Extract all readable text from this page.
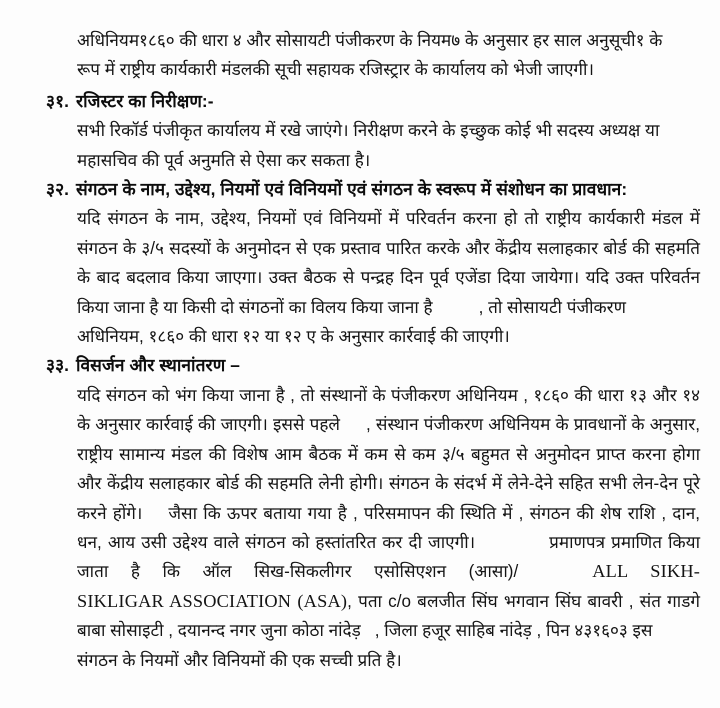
अधिनियम१८६० की धारा ४ और सोसायटी पंजीकरण के नियम७ के अनुसार हर साल अनुसूची१ के
रूप में राष्ट्रीय कार्यकारी मंडलकी सूची सहायक रजिस्ट्रार के कार्यालय को भेजी जाएगी।
३१. रजिस्टर का निरीक्षण:-
सभी रिकॉर्ड पंजीकृत कार्यालय में रखे जाएंगे। निरीक्षण करने के इच्छुक कोई भी सदस्य अध्यक्ष या
महासचिव की पूर्व अनुमति से ऐसा कर सकता है।
३२. संगठन के नाम, उद्देश्य, नियमों एवं विनियमों एवं संगठन के स्वरूप में संशोधन का प्रावधान:
यदि संगठन के नाम, उद्देश्य, नियमों एवं विनियमों में परिवर्तन करना हो तो राष्ट्रीय कार्यकारी मंडल में संगठन के ३/५ सदस्यों के अनुमोदन से एक प्रस्ताव पारित करके और केंद्रीय सलाहकार बोर्ड की सहमति के बाद बदलाव किया जाएगा। उक्त बैठक से पन्द्रह दिन पूर्व एजेंडा दिया जायेगा। यदि उक्त परिवर्तन किया जाना है या किसी दो संगठनों का विलय किया जाना है	, तो सोसायटी पंजीकरण
अधिनियम, १८६० की धारा १२ या १२ ए के अनुसार कार्रवाई की जाएगी।
३३. विसर्जन और स्थानांतरण –
यदि संगठन को भंग किया जाना है , तो संस्थानों के पंजीकरण अधिनियम , १८६० की धारा १३ और १४ के अनुसार कार्रवाई की जाएगी। इससे पहले , संस्थान पंजीकरण अधिनियम के प्रावधानों के अनुसार, राष्ट्रीय सामान्य मंडल की विशेष आम बैठक में कम से कम ३/५ बहुमत से अनुमोदन प्राप्त करना होगा और केंद्रीय सलाहकार बोर्ड की सहमति लेनी होगी। संगठन के संदर्भ में लेने-देने सहित सभी लेन-देन पूरे करने होंगे। जैसा कि ऊपर बताया गया है , परिसमापन की स्थिति में , संगठन की शेष राशि , दान, धन, आय उसी उद्देश्य वाले संगठन को हस्तांतरित कर दी जाएगी।	प्रमाणपत्र प्रमाणित किया जाता है कि ऑल सिख-सिकलीगर एसोसिएशन (आसा)/	ALL SIKH- SIKLIGAR ASSOCIATION (ASA), पता c/o बलजीत सिंघ भगवान सिंघ बावरी , संत गाडगे बाबा सोसाइटी , दयानन्द नगर जुना कोठा नांदेड़ , जिला हजूर साहिब नांदेड़ , पिन ४३१६०३ इस
संगठन के नियमों और विनियमों की एक सच्ची प्रति है।
